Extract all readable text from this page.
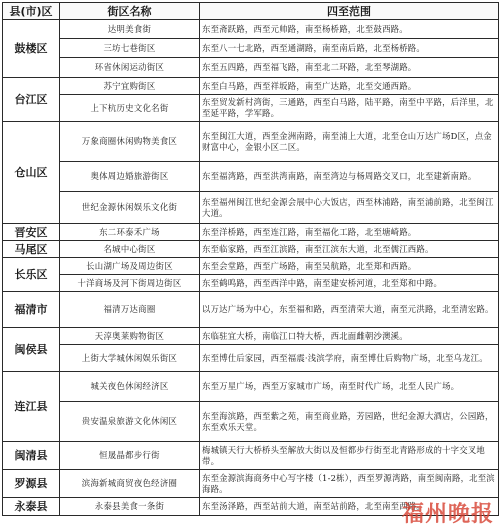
县(市)区	街区名称	四至范围
鼓楼区	达明美食街	东至斋跃路，西至元帅路，南至杨桥路，北至鼓西路。
	三坊七巷街区	东至八一七北路，西至通湖路，南至南后路，北至杨桥路。
	环省休闲运动街区	东至五四路，西至福飞路，南至北二环路，北至琴湖路。
台江区	苏宁宜购街区	东至白马路，西至祥坂路，南至广达路，北至交通西路。
	上下杭历史文化名街	东至贸发新村湾街，三通路，西至白马路，陆平路，南至中平路，后洋里，北至延平路，学军路。
仓山区	万象商圈休闲购物美食区	东至闽江大道，西至金洲南路，南至浦上大道，北至仓山万达广场D区，点金财富中心，金银小区二区。
	奥体周边婚旅游街区	东至福湾路，西至洪湾南路，南至湾边与杨周路交叉口，北至建新南路。
	世纪金源休闲娱乐文化街	东至福州闽江世纪金源会展中心大饭店，西至林浦路，南至浦前路，北至闽江大道。
晋安区	东二环泰禾广场	东至洋桥路，西至连江路，南至福化工路，北至塘崎路。
马尾区	名城中心街区	东至临家路，西至江滨路，南至江滨东大道，北至儒江西路。
长乐区	长山湖广场及周边街区	东至会堂路，西至广场路，南至吴航路，北至郑和西路。
	十洋商场及河下街周边街区	东至鹤鸣路，西至西洋中路，南至建安桥河道，北至郑和中路。
福清市	福清万达商圈	以万达广场为中心，东至福和路，西至清荣大道，南至元洪路，北至清宏路。
闽侯县	天淳奥莱购物街区	东临驻宜大桥，南临江口特大桥，西北面雌朝沙澳溪。
	上街大学城休闲娱乐街区	东至博仕后家园，西至福震·浅滨学府，南至博仕后购物广场，北至乌龙江。
连江县	城关夜色休闲经济区	东至万星广场，西至万家城市广场，南至时代广场，北至人民广场。
	贵安温泉旅游文化休闲区	东至海滨路，西至紫之苑，南至商业路，芳园路，世纪金源大酒店，公园路，东至欢乐天堂。
闽清县	恒晟晶都步行街	梅城镇天行大桥桥头至解放大街以及恒都步行街至北青路形成的十字交叉地带。
罗源县	滨海新城商贸夜色经济圈	东至金源滨海商务中心写字楼（1-2栋），西至罗源湾路，南至闽南路，北至滨海路。
永泰县	永泰县美食一条街	东至汤泽路，西至站前大道，南至站前路，北至南至西路。
福州晚报
